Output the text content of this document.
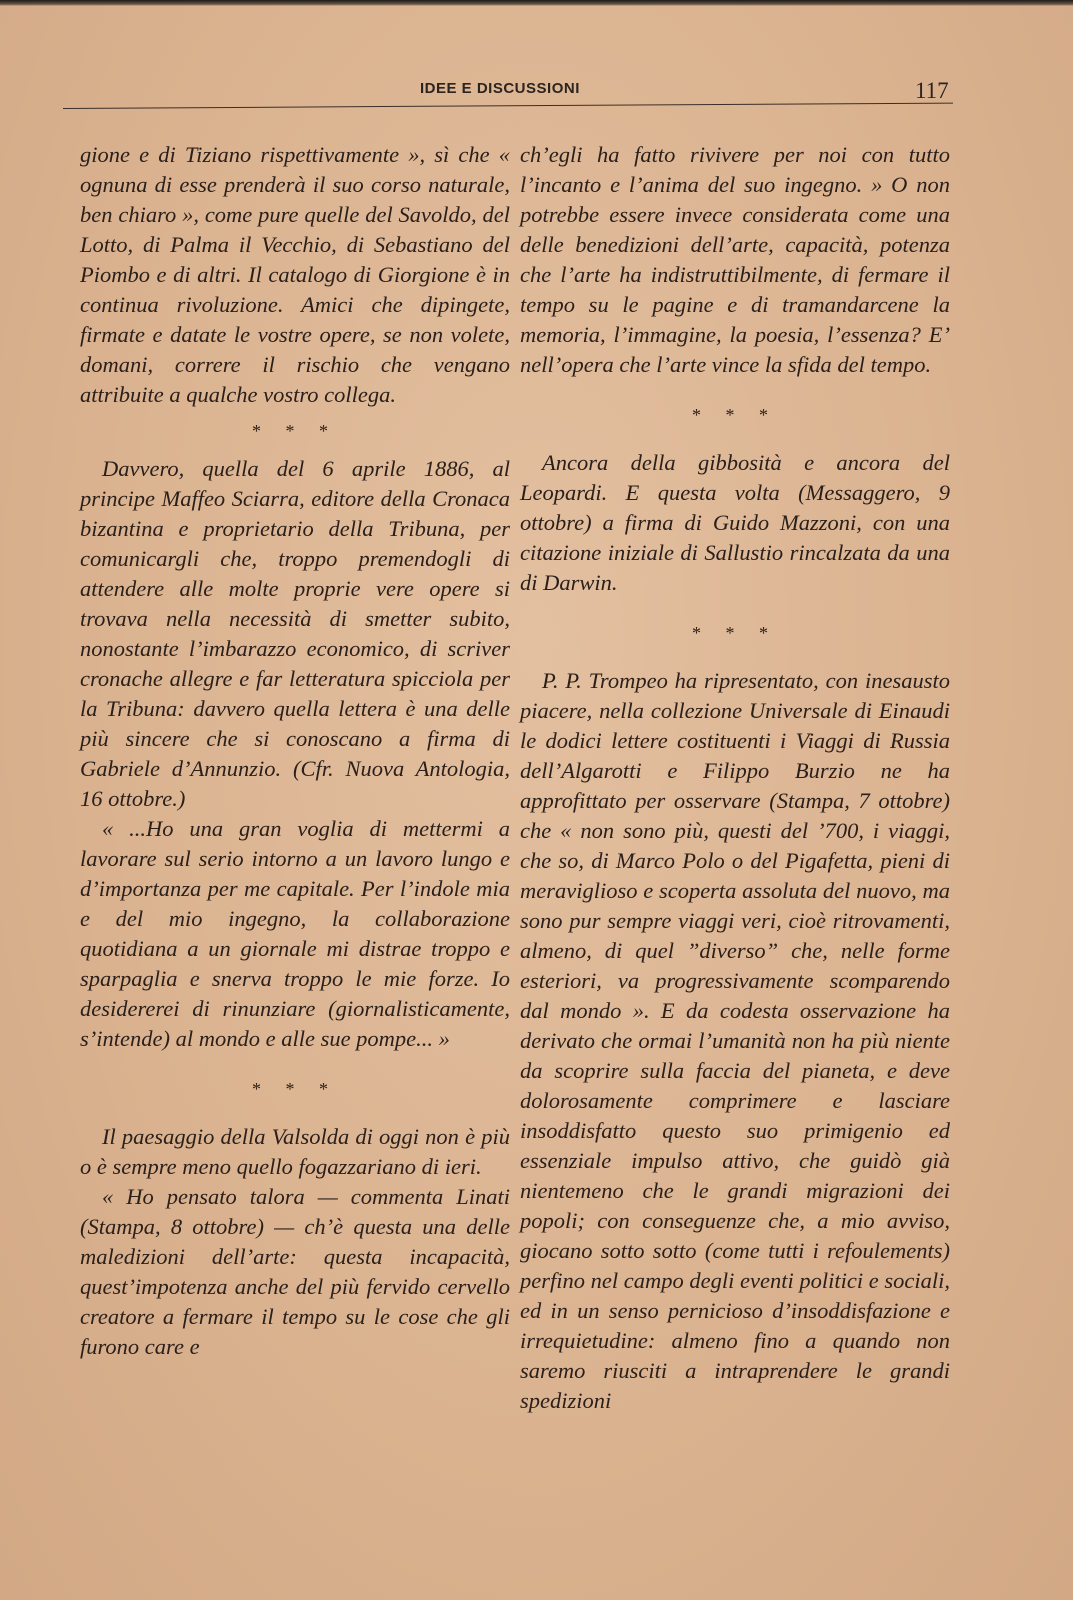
IDEE E DISCUSSIONI	117

gione e di Tiziano rispettivamente », sì che « ognuna di esse prenderà il suo corso naturale, ben chiaro », come pure quelle del Savoldo, del Lotto, di Palma il Vecchio, di Sebastiano del Piombo e di altri. Il catalogo di Giorgione è in continua rivoluzione. Amici che dipingete, firmate e datate le vostre opere, se non volete, domani, correre il rischio che vengano attribuite a qualche vostro collega.

* * *

Davvero, quella del 6 aprile 1886, al principe Maffeo Sciarra, editore della Cronaca bizantina e proprietario della Tribuna, per comunicargli che, troppo premendogli di attendere alle molte proprie vere opere si trovava nella necessità di smetter subito, nonostante l’imbarazzo economico, di scriver cronache allegre e far letteratura spicciola per la Tribuna: davvero quella lettera è una delle più sincere che si conoscano a firma di Gabriele d’Annunzio. (Cfr. Nuova Antologia, 16 ottobre.)

« ...Ho una gran voglia di mettermi a lavorare sul serio intorno a un lavoro lungo e d’importanza per me capitale. Per l’indole mia e del mio ingegno, la collaborazione quotidiana a un giornale mi distrae troppo e sparpaglia e snerva troppo le mie forze. Io desidererei di rinunziare (giornalisticamente, s’intende) al mondo e alle sue pompe... »

* * *

Il paesaggio della Valsolda di oggi non è più o è sempre meno quello fogazzariano di ieri.

« Ho pensato talora — commenta Linati (Stampa, 8 ottobre) — ch’è questa una delle maledizioni dell’arte: questa incapacità, quest’impotenza anche del più fervido cervello creatore a fermare il tempo su le cose che gli furono care e

ch’egli ha fatto rivivere per noi con tutto l’incanto e l’anima del suo ingegno. » O non potrebbe essere invece considerata come una delle benedizioni dell’arte, capacità, potenza che l’arte ha indistruttibilmente, di fermare il tempo su le pagine e di tramandarcene la memoria, l’immagine, la poesia, l’essenza? E’ nell’opera che l’arte vince la sfida del tempo.

* * *

Ancora della gibbosità e ancora del Leopardi. E questa volta (Messaggero, 9 ottobre) a firma di Guido Mazzoni, con una citazione iniziale di Sallustio rincalzata da una di Darwin.

* * *

P. P. Trompeo ha ripresentato, con inesausto piacere, nella collezione Universale di Einaudi le dodici lettere costituenti i Viaggi di Russia dell’Algarotti e Filippo Burzio ne ha approfittato per osservare (Stampa, 7 ottobre) che « non sono più, questi del ’700, i viaggi, che so, di Marco Polo o del Pigafetta, pieni di meraviglioso e scoperta assoluta del nuovo, ma sono pur sempre viaggi veri, cioè ritrovamenti, almeno, di quel ”diverso” che, nelle forme esteriori, va progressivamente scomparendo dal mondo ». E da codesta osservazione ha derivato che ormai l’umanità non ha più niente da scoprire sulla faccia del pianeta, e deve dolorosamente comprimere e lasciare insoddisfatto questo suo primigenio ed essenziale impulso attivo, che guidò già nientemeno che le grandi migrazioni dei popoli; con conseguenze che, a mio avviso, giocano sotto sotto (come tutti i refoulements) perfino nel campo degli eventi politici e sociali, ed in un senso pernicioso d’insoddisfazione e irrequietudine: almeno fino a quando non saremo riusciti a intraprendere le grandi spedizioni
